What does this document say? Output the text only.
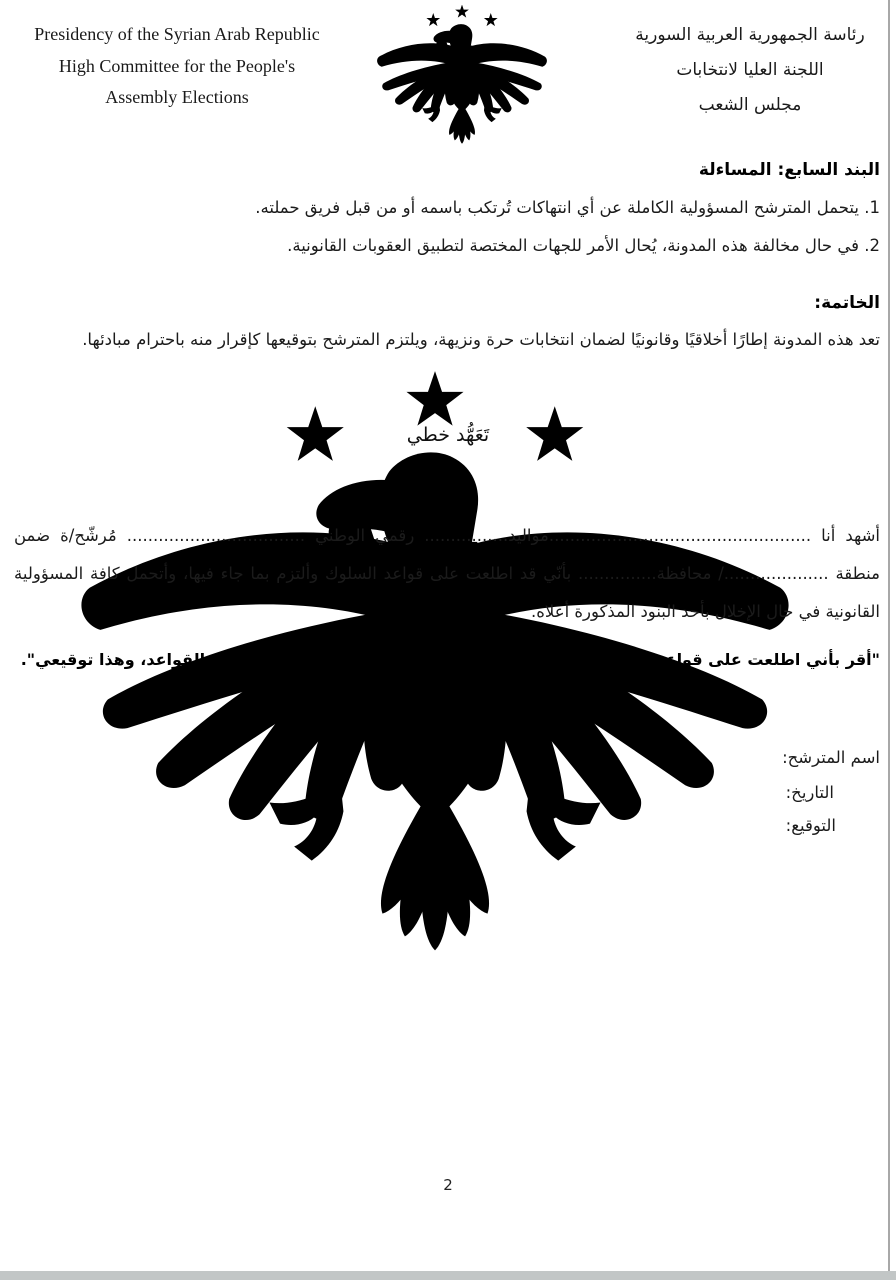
Presidency of the Syrian Arab Republic
High Committee for the People's
Assembly Elections
رئاسة الجمهورية العربية السورية
اللجنة العليا لانتخابات
مجلس الشعب
البند السابع: المساءلة
1. يتحمل المترشح المسؤولية الكاملة عن أي انتهاكات تُرتكب باسمه أو من قبل فريق حملته.
2. في حال مخالفة هذه المدونة، يُحال الأمر للجهات المختصة لتطبيق العقوبات القانونية.
الخاتمة:
تعد هذه المدونة إطارًا أخلاقيًا وقانونيًا لضمان انتخابات حرة ونزيهة، ويلتزم المترشح بتوقيعها كإقرار منه باحترام مبادئها.
تَعَهُّد خطي
أشهد أنا ..................................................مواليد................ رقمي الوطني .................................. مُرشّح/ة ضمن منطقة ..................../ محافظة............... بأنّي قد اطلعت على قواعد السلوك وألتزم بما جاء فيها، وأتحمل كافة المسؤولية القانونية في حال الإخلال بأحد البنود المذكورة أعلاه.
"أقر بأني اطلعت على قواعد السلوك وأتعهد بما جاء فيها وسأعمل على عدم خرق هذه القواعد، وهذا توقيعي".
اسم المترشح:
التاريخ:
التوقيع:
2
